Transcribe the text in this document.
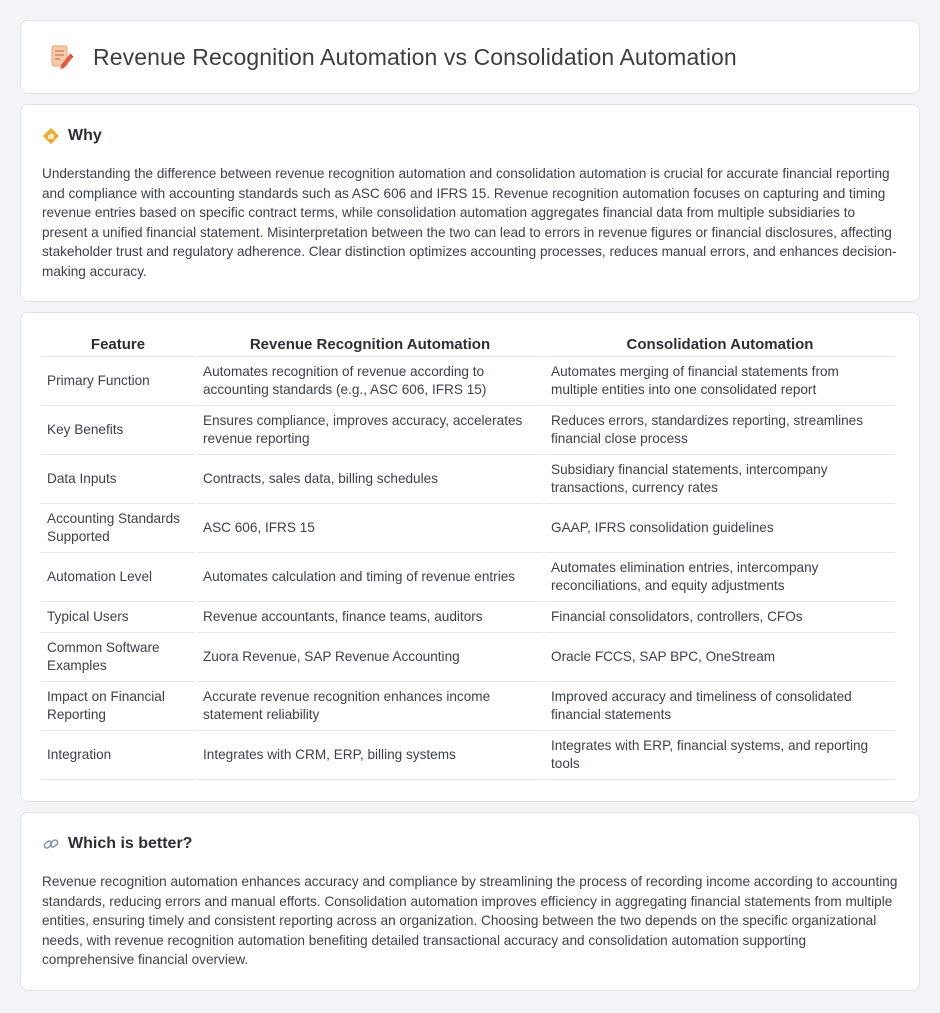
Revenue Recognition Automation vs Consolidation Automation
Why

Understanding the difference between revenue recognition automation and consolidation automation is crucial for accurate financial reporting and compliance with accounting standards such as ASC 606 and IFRS 15. Revenue recognition automation focuses on capturing and timing revenue entries based on specific contract terms, while consolidation automation aggregates financial data from multiple subsidiaries to present a unified financial statement. Misinterpretation between the two can lead to errors in revenue figures or financial disclosures, affecting stakeholder trust and regulatory adherence. Clear distinction optimizes accounting processes, reduces manual errors, and enhances decision-making accuracy.

Feature	Revenue Recognition Automation	Consolidation Automation
Primary Function	Automates recognition of revenue according to accounting standards (e.g., ASC 606, IFRS 15)	Automates merging of financial statements from multiple entities into one consolidated report
Key Benefits	Ensures compliance, improves accuracy, accelerates revenue reporting	Reduces errors, standardizes reporting, streamlines financial close process
Data Inputs	Contracts, sales data, billing schedules	Subsidiary financial statements, intercompany transactions, currency rates
Accounting Standards Supported	ASC 606, IFRS 15	GAAP, IFRS consolidation guidelines
Automation Level	Automates calculation and timing of revenue entries	Automates elimination entries, intercompany reconciliations, and equity adjustments
Typical Users	Revenue accountants, finance teams, auditors	Financial consolidators, controllers, CFOs
Common Software Examples	Zuora Revenue, SAP Revenue Accounting	Oracle FCCS, SAP BPC, OneStream
Impact on Financial Reporting	Accurate revenue recognition enhances income statement reliability	Improved accuracy and timeliness of consolidated financial statements
Integration	Integrates with CRM, ERP, billing systems	Integrates with ERP, financial systems, and reporting tools
Which is better?

Revenue recognition automation enhances accuracy and compliance by streamlining the process of recording income according to accounting standards, reducing errors and manual efforts. Consolidation automation improves efficiency in aggregating financial statements from multiple entities, ensuring timely and consistent reporting across an organization. Choosing between the two depends on the specific organizational needs, with revenue recognition automation benefiting detailed transactional accuracy and consolidation automation supporting comprehensive financial overview.
